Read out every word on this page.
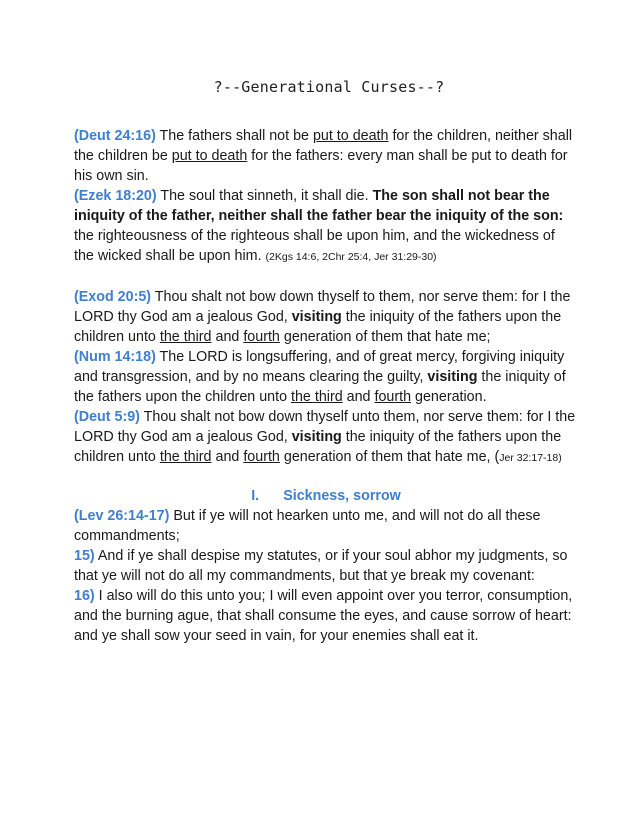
?--Generational Curses--?

(Deut 24:16) The fathers shall not be put to death for the children, neither shall the children be put to death for the fathers: every man shall be put to death for his own sin.

(Ezek 18:20) The soul that sinneth, it shall die. The son shall not bear the iniquity of the father, neither shall the father bear the iniquity of the son: the righteousness of the righteous shall be upon him, and the wickedness of the wicked shall be upon him. (2Kgs 14:6, 2Chr 25:4, Jer 31:29-30)

(Exod 20:5) Thou shalt not bow down thyself to them, nor serve them: for I the LORD thy God am a jealous God, visiting the iniquity of the fathers upon the children unto the third and fourth generation of them that hate me;

(Num 14:18) The LORD is longsuffering, and of great mercy, forgiving iniquity and transgression, and by no means clearing the guilty, visiting the iniquity of the fathers upon the children unto the third and fourth generation.

(Deut 5:9) Thou shalt not bow down thyself unto them, nor serve them: for I the LORD thy God am a jealous God, visiting the iniquity of the fathers upon the children unto the third and fourth generation of them that hate me, (Jer 32:17-18)

I. Sickness, sorrow

(Lev 26:14-17) But if ye will not hearken unto me, and will not do all these commandments;

15) And if ye shall despise my statutes, or if your soul abhor my judgments, so that ye will not do all my commandments, but that ye break my covenant:

16) I also will do this unto you; I will even appoint over you terror, consumption, and the burning ague, that shall consume the eyes, and cause sorrow of heart: and ye shall sow your seed in vain, for your enemies shall eat it.
